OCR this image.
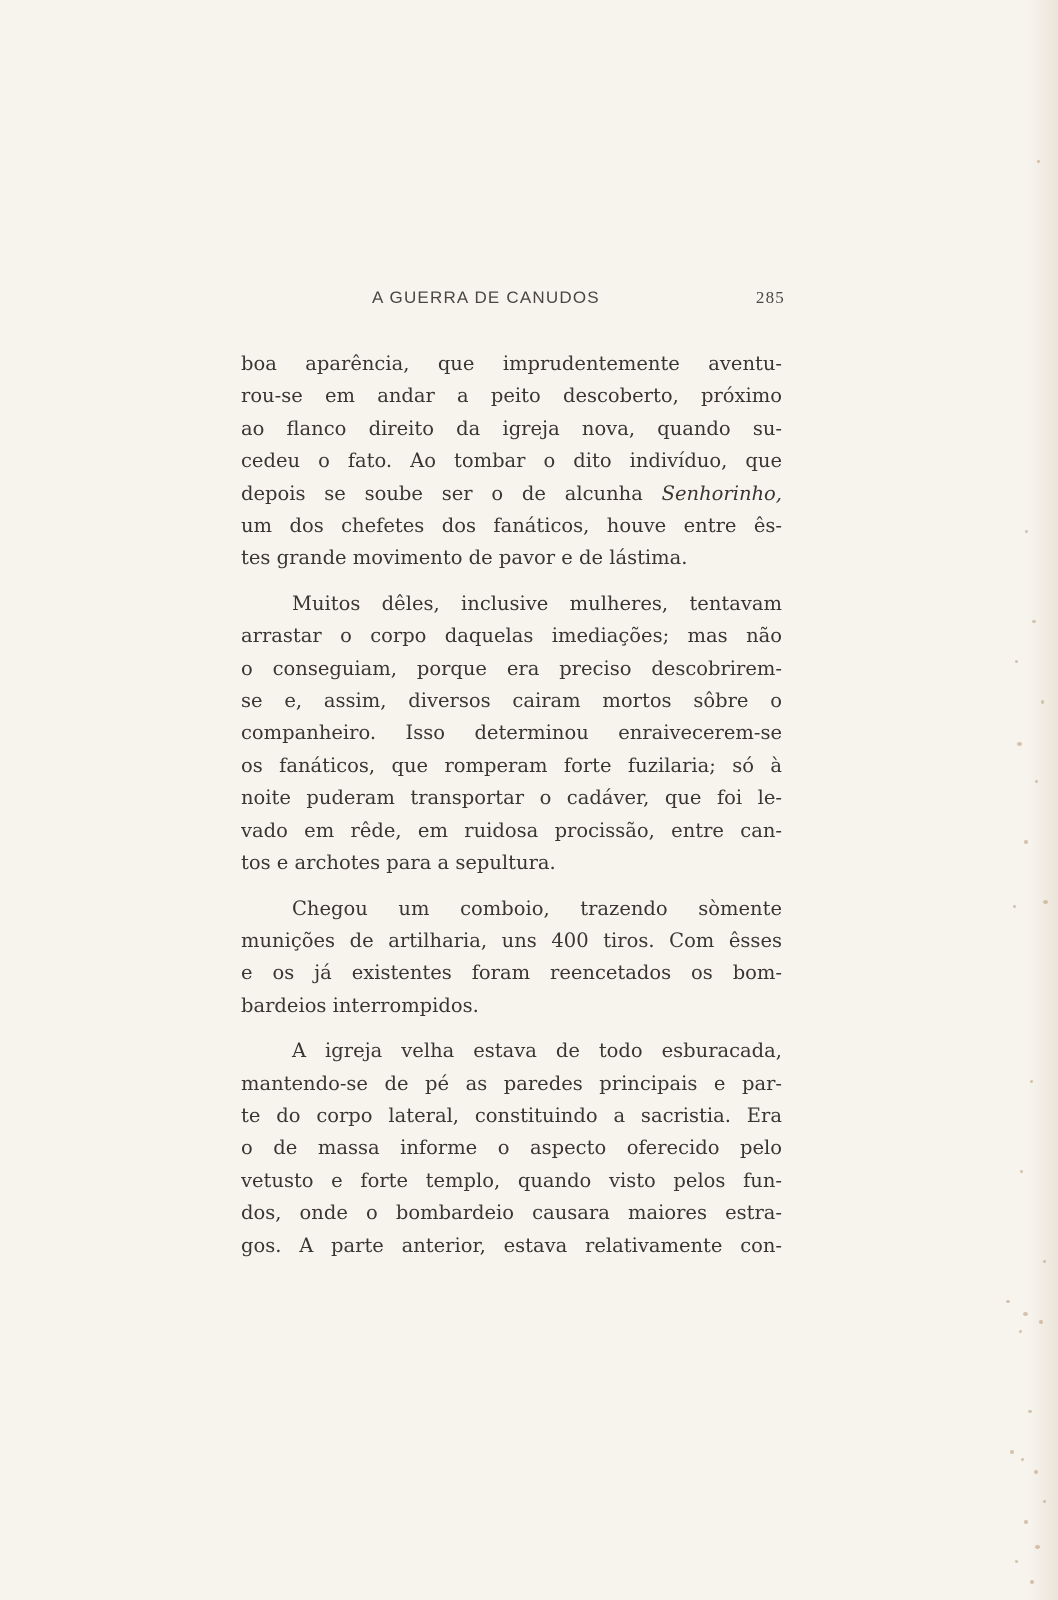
A GUERRA DE CANUDOS	285

boa aparência, que imprudentemente aventu-
rou-se em andar a peito descoberto, próximo
ao flanco direito da igreja nova, quando su-
cedeu o fato. Ao tombar o dito indivíduo, que
depois se soube ser o de alcunha Senhorinho,
um dos chefetes dos fanáticos, houve entre ês-
tes grande movimento de pavor e de lástima.

Muitos dêles, inclusive mulheres, tentavam
arrastar o corpo daquelas imediações; mas não
o conseguiam, porque era preciso descobrirem-
se e, assim, diversos cairam mortos sôbre o
companheiro. Isso determinou enraivecerem-se
os fanáticos, que romperam forte fuzilaria; só à
noite puderam transportar o cadáver, que foi le-
vado em rêde, em ruidosa procissão, entre can-
tos e archotes para a sepultura.

Chegou um comboio, trazendo sòmente
munições de artilharia, uns 400 tiros. Com êsses
e os já existentes foram reencetados os bom-
bardeios interrompidos.

A igreja velha estava de todo esburacada,
mantendo-se de pé as paredes principais e par-
te do corpo lateral, constituindo a sacristia. Era
o de massa informe o aspecto oferecido pelo
vetusto e forte templo, quando visto pelos fun-
dos, onde o bombardeio causara maiores estra-
gos. A parte anterior, estava relativamente con-
